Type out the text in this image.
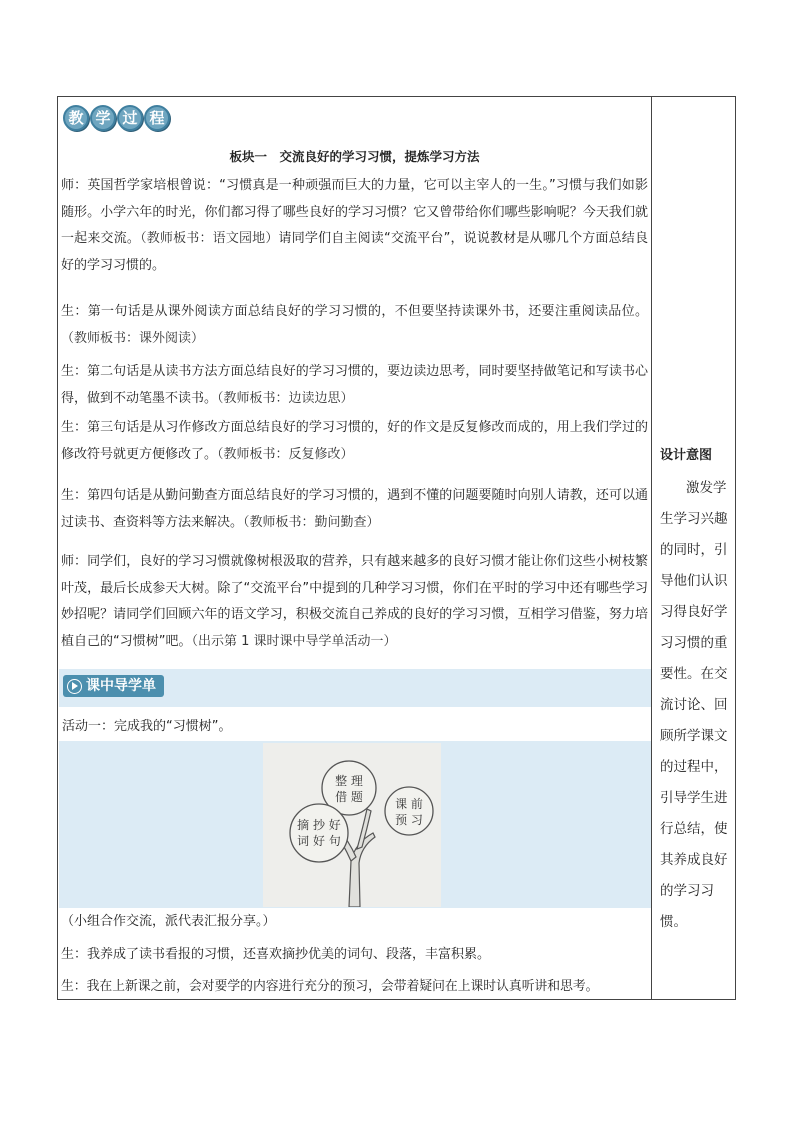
教 学 过 程
板块一　交流良好的学习习惯，提炼学习方法

师：英国哲学家培根曾说：“习惯真是一种顽强而巨大的力量，它可以主宰人的一生。”习惯与我们如影随形。小学六年的时光，你们都习得了哪些良好的学习习惯？它又曾带给你们哪些影响呢？今天我们就一起来交流。（教师板书：语文园地）请同学们自主阅读“交流平台”，说说教材是从哪几个方面总结良好的学习习惯的。

生：第一句话是从课外阅读方面总结良好的学习习惯的，不但要坚持读课外书，还要注重阅读品位。（教师板书：课外阅读）

生：第二句话是从读书方法方面总结良好的学习习惯的，要边读边思考，同时要坚持做笔记和写读书心得，做到不动笔墨不读书。（教师板书：边读边思）

生：第三句话是从习作修改方面总结良好的学习习惯的，好的作文是反复修改而成的，用上我们学过的修改符号就更方便修改了。（教师板书：反复修改）

生：第四句话是从勤问勤查方面总结良好的学习习惯的，遇到不懂的问题要随时向别人请教，还可以通过读书、查资料等方法来解决。（教师板书：勤问勤查）

师：同学们，良好的学习习惯就像树根汲取的营养，只有越来越多的良好习惯才能让你们这些小树枝繁叶茂，最后长成参天大树。除了“交流平台”中提到的几种学习习惯，你们在平时的学习中还有哪些学习妙招呢？请同学们回顾六年的语文学习，积极交流自己养成的良好的学习习惯，互相学习借鉴，努力培植自己的“习惯树”吧。（出示第 1 课时课中导学单活动一）

课中导学单
活动一：完成我的“习惯树”。
整 理
借 题	课 前
预 习
摘 抄 好
词 好 句

（小组合作交流，派代表汇报分享。）

生：我养成了读书看报的习惯，还喜欢摘抄优美的词句、段落，丰富积累。

生：我在上新课之前，会对要学的内容进行充分的预习，会带着疑问在上课时认真听讲和思考。

设计意图

激发学生学习兴趣的同时，引导他们认识习得良好学习习惯的重要性。在交流讨论、回顾所学课文的过程中，引导学生进行总结，使其养成良好的学习习惯。
